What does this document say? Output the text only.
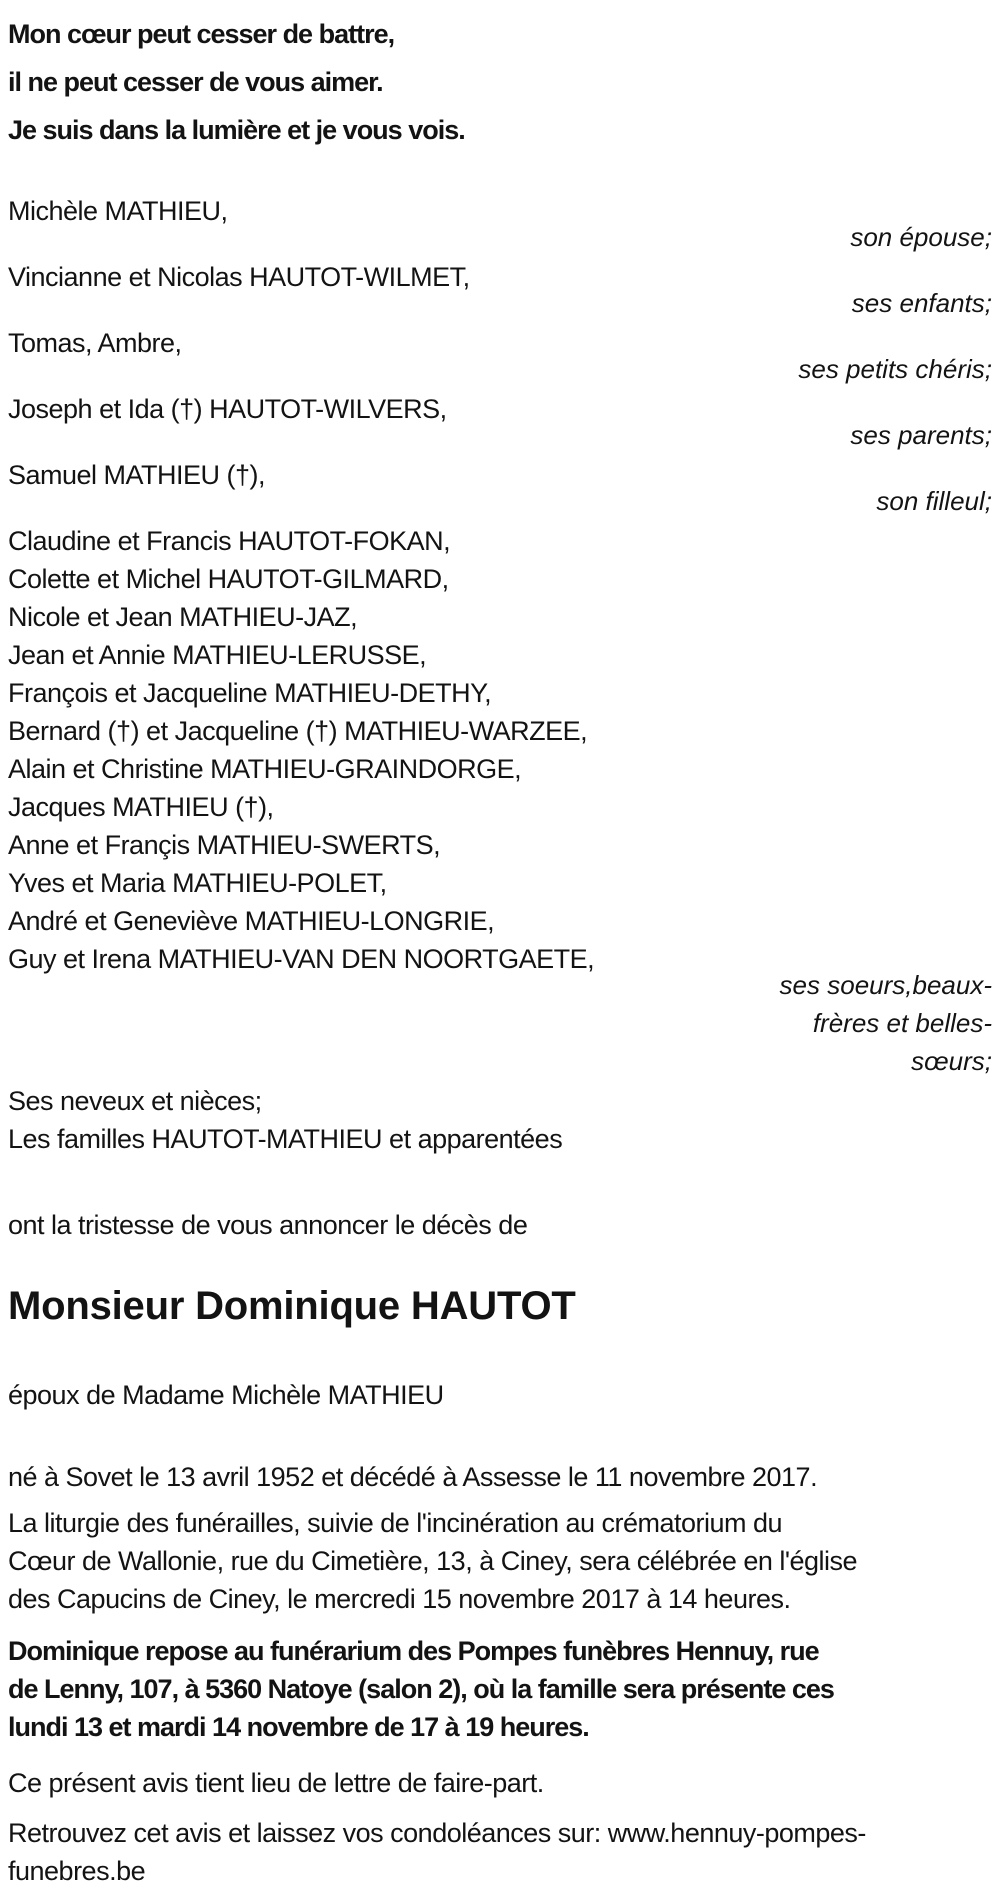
Mon cœur peut cesser de battre,
il ne peut cesser de vous aimer.
Je suis dans la lumière et je vous vois.
Michèle MATHIEU,
son épouse;
Vincianne et Nicolas HAUTOT-WILMET,
ses enfants;
Tomas, Ambre,
ses petits chéris;
Joseph et Ida (†) HAUTOT-WILVERS,
ses parents;
Samuel MATHIEU (†),
son filleul;
Claudine et Francis HAUTOT-FOKAN,
Colette et Michel HAUTOT-GILMARD,
Nicole et Jean MATHIEU-JAZ,
Jean et Annie MATHIEU-LERUSSE,
François et Jacqueline MATHIEU-DETHY,
Bernard (†) et Jacqueline (†) MATHIEU-WARZEE,
Alain et Christine MATHIEU-GRAINDORGE,
Jacques MATHIEU (†),
Anne et Françis MATHIEU-SWERTS,
Yves et Maria MATHIEU-POLET,
André et Geneviève MATHIEU-LONGRIE,
Guy et Irena MATHIEU-VAN DEN NOORTGAETE,
ses soeurs,beaux-
frères et belles-
sœurs;
Ses neveux et nièces;
Les familles HAUTOT-MATHIEU et apparentées
ont la tristesse de vous annoncer le décès de
Monsieur Dominique HAUTOT
époux de Madame Michèle MATHIEU
né à Sovet le 13 avril 1952 et décédé à Assesse le 11 novembre 2017.
La liturgie des funérailles, suivie de l'incinération au crématorium du
Cœur de Wallonie, rue du Cimetière, 13, à Ciney, sera célébrée en l'église
des Capucins de Ciney, le mercredi 15 novembre 2017 à 14 heures.
Dominique repose au funérarium des Pompes funèbres Hennuy, rue
de Lenny, 107, à 5360 Natoye (salon 2), où la famille sera présente ces
lundi 13 et mardi 14 novembre de 17 à 19 heures.
Ce présent avis tient lieu de lettre de faire-part.
Retrouvez cet avis et laissez vos condoléances sur: www.hennuy-pompes-
funebres.be
